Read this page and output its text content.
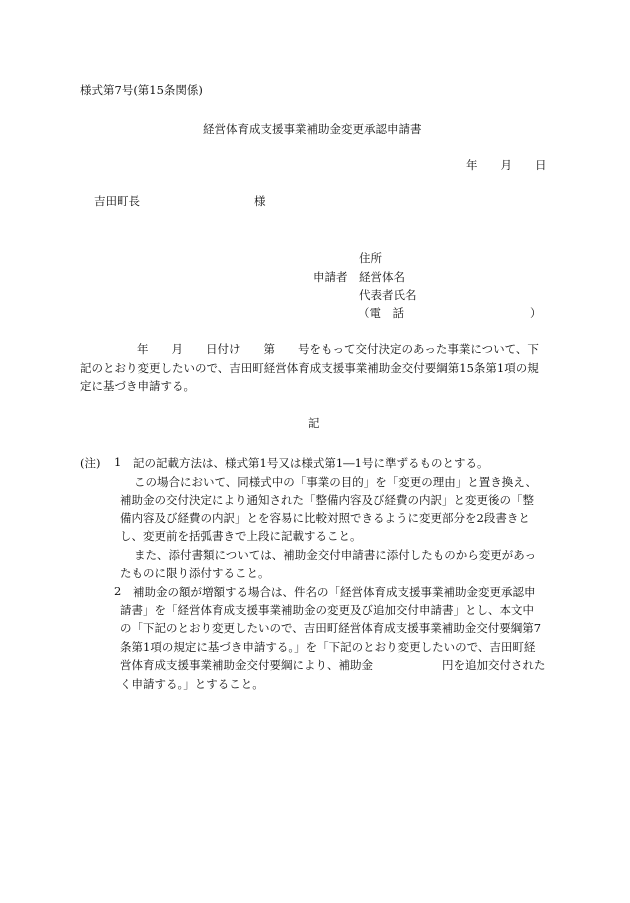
様式第7号(第15条関係)
経営体育成支援事業補助金変更承認申請書
年　　月　　日
吉田町長	様
住所
申請者 経営体名
代表者氏名
（電　話	）
年　　月　　日付け　　第　　号をもって交付決定のあった事業について、下
記のとおり変更したいので、吉田町経営体育成支援事業補助金交付要綱第15条第1項の規
定に基づき申請する。
記
(注) 1 記の記載方法は、様式第1号又は様式第1―1号に準ずるものとする。
この場合において、同様式中の「事業の目的」を「変更の理由」と置き換え、
補助金の交付決定により通知された「整備内容及び経費の内訳」と変更後の「整
備内容及び経費の内訳」とを容易に比較対照できるように変更部分を2段書きと
し、変更前を括弧書きで上段に記載すること。
また、添付書類については、補助金交付申請書に添付したものから変更があっ
たものに限り添付すること。
2 補助金の額が増額する場合は、件名の「経営体育成支援事業補助金変更承認申
請書」を「経営体育成支援事業補助金の変更及び追加交付申請書」とし、本文中
の「下記のとおり変更したいので、吉田町経営体育成支援事業補助金交付要綱第7
条第1項の規定に基づき申請する。」を「下記のとおり変更したいので、吉田町経
営体育成支援事業補助金交付要綱により、補助金　　　　　　円を追加交付された
く申請する。」とすること。
